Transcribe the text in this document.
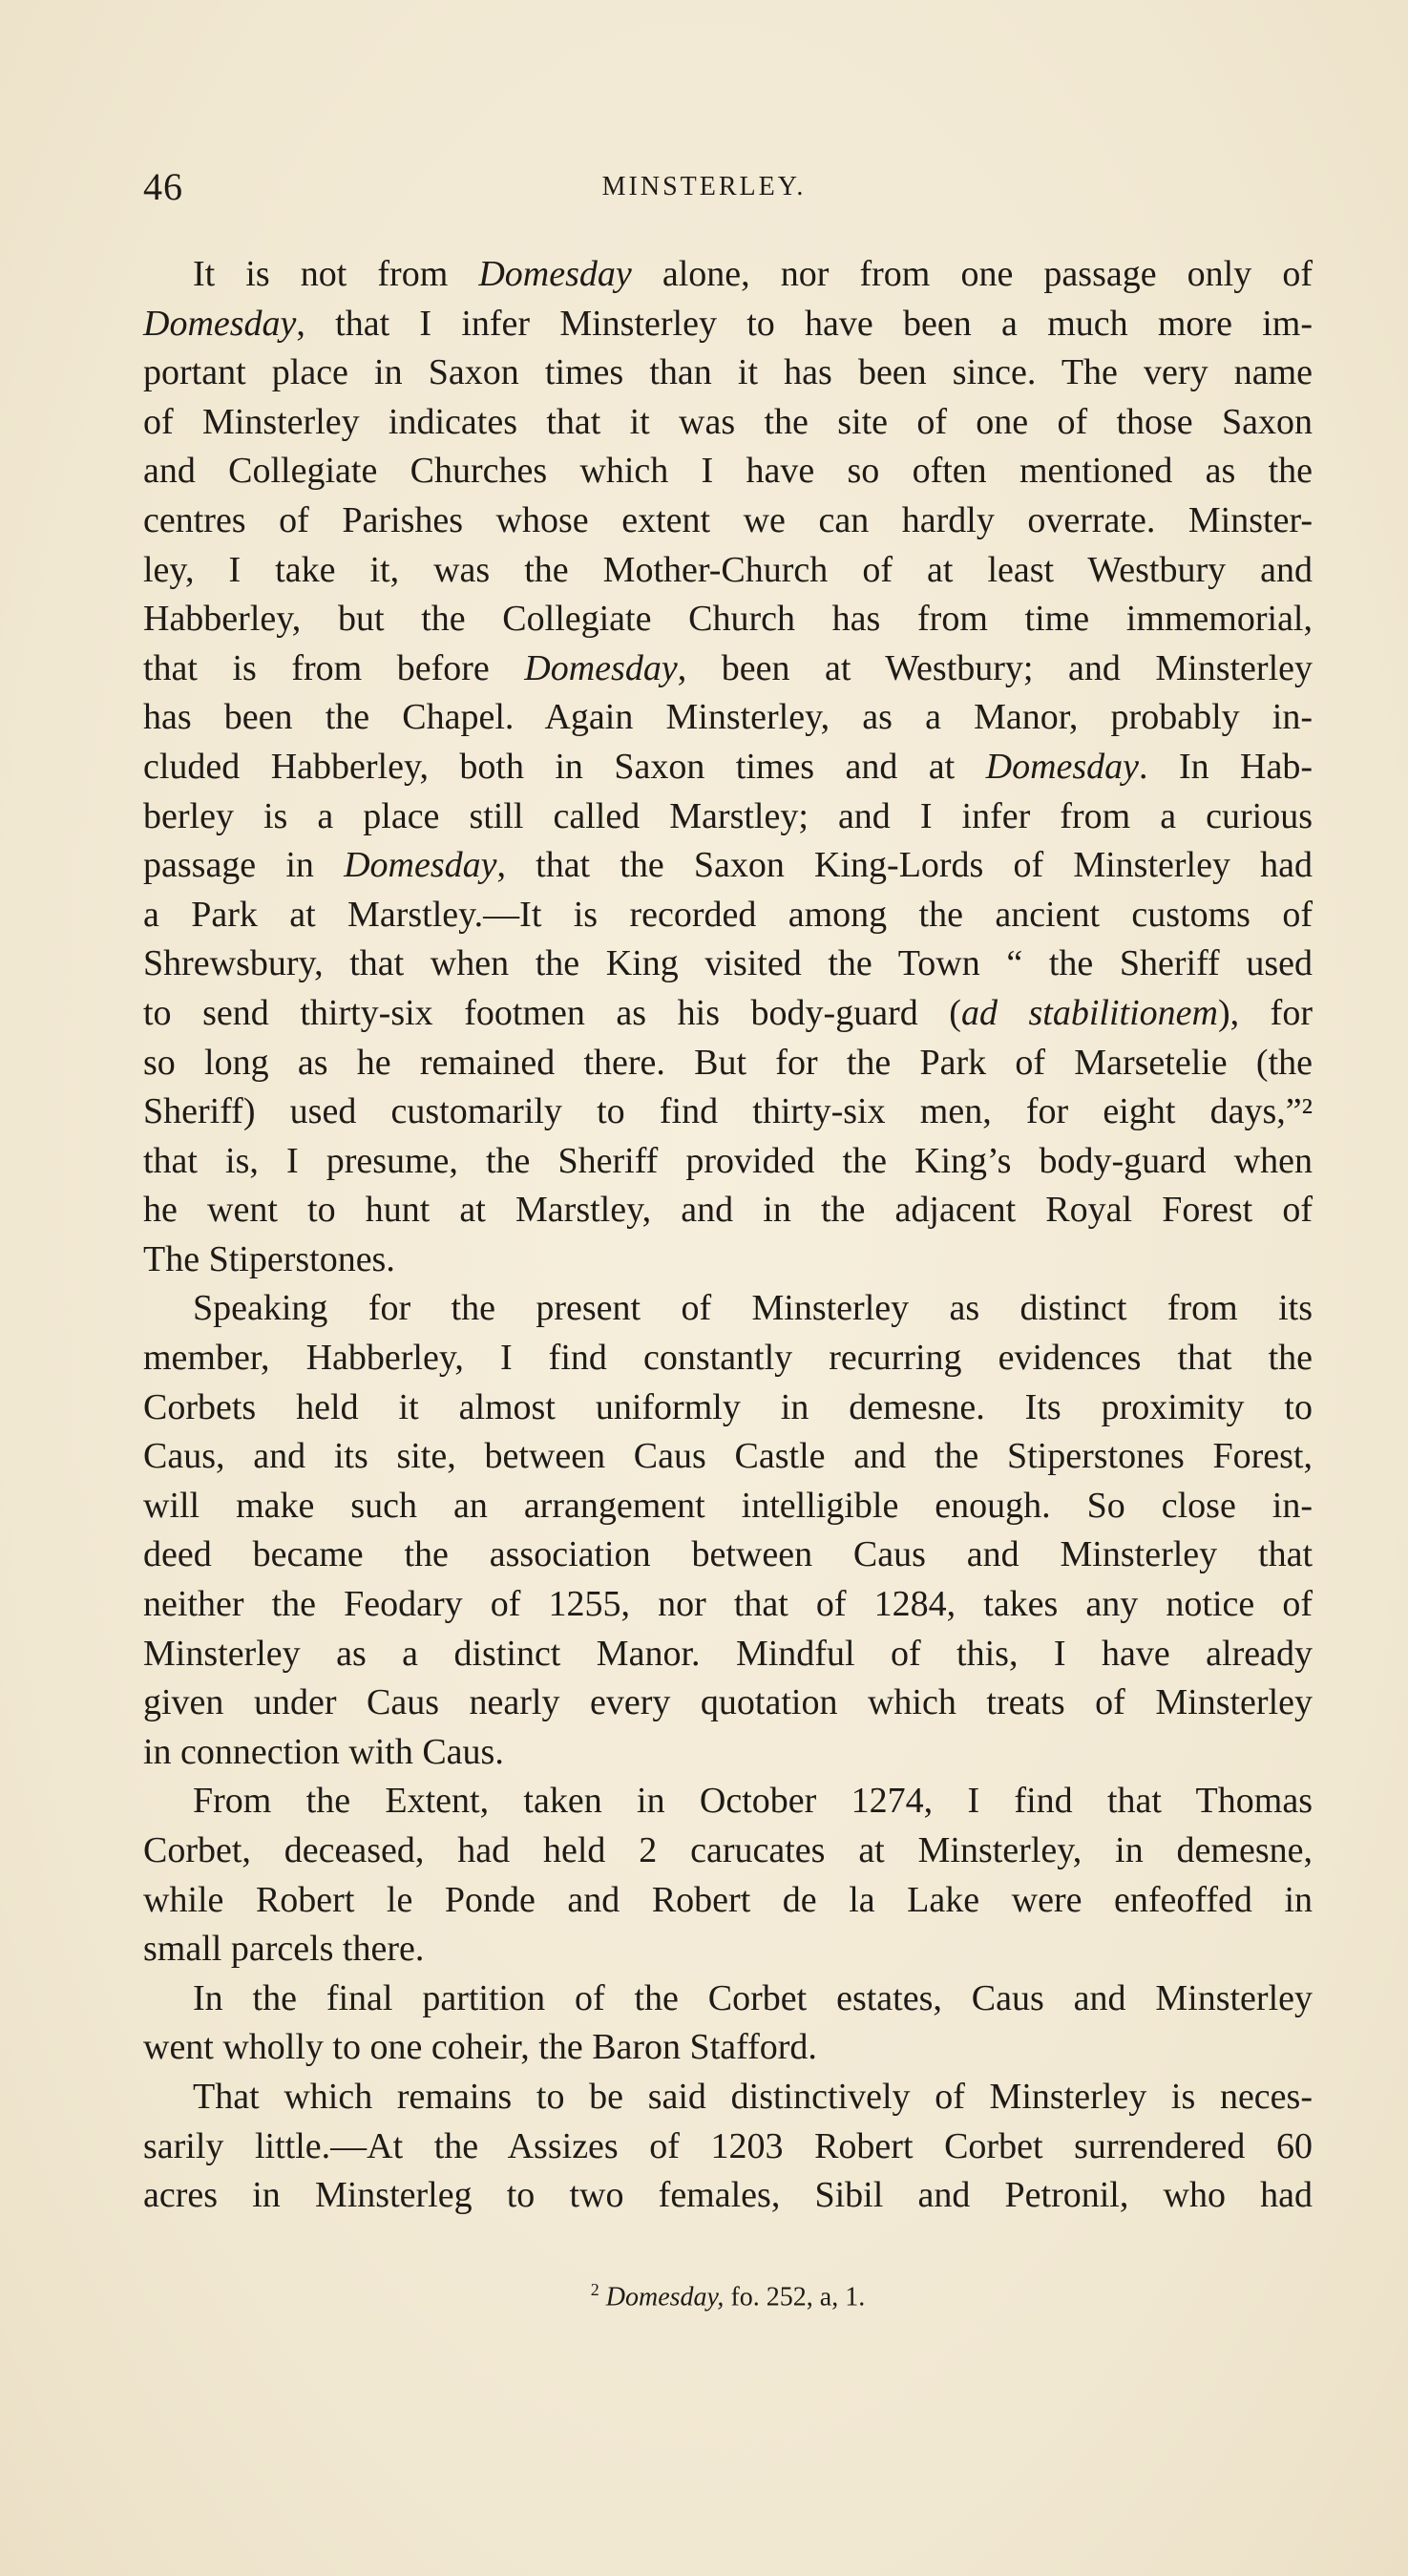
46	MINSTERLEY.
It is not from Domesday alone, nor from one passage only of
Domesday, that I infer Minsterley to have been a much more im-
portant place in Saxon times than it has been since. The very name
of Minsterley indicates that it was the site of one of those Saxon
and Collegiate Churches which I have so often mentioned as the
centres of Parishes whose extent we can hardly overrate. Minster-
ley, I take it, was the Mother-Church of at least Westbury and
Habberley, but the Collegiate Church has from time immemorial,
that is from before Domesday, been at Westbury; and Minsterley
has been the Chapel. Again Minsterley, as a Manor, probably in-
cluded Habberley, both in Saxon times and at Domesday. In Hab-
berley is a place still called Marstley; and I infer from a curious
passage in Domesday, that the Saxon King-Lords of Minsterley had
a Park at Marstley.—It is recorded among the ancient customs of
Shrewsbury, that when the King visited the Town “ the Sheriff used
to send thirty-six footmen as his body-guard (ad stabilitionem), for
so long as he remained there. But for the Park of Marsetelie (the
Sheriff) used customarily to find thirty-six men, for eight days,”²
that is, I presume, the Sheriff provided the King’s body-guard when
he went to hunt at Marstley, and in the adjacent Royal Forest of
The Stiperstones.
Speaking for the present of Minsterley as distinct from its
member, Habberley, I find constantly recurring evidences that the
Corbets held it almost uniformly in demesne. Its proximity to
Caus, and its site, between Caus Castle and the Stiperstones Forest,
will make such an arrangement intelligible enough. So close in-
deed became the association between Caus and Minsterley that
neither the Feodary of 1255, nor that of 1284, takes any notice of
Minsterley as a distinct Manor. Mindful of this, I have already
given under Caus nearly every quotation which treats of Minsterley
in connection with Caus.
From the Extent, taken in October 1274, I find that Thomas
Corbet, deceased, had held 2 carucates at Minsterley, in demesne,
while Robert le Ponde and Robert de la Lake were enfeoffed in
small parcels there.
In the final partition of the Corbet estates, Caus and Minsterley
went wholly to one coheir, the Baron Stafford.
That which remains to be said distinctively of Minsterley is neces-
sarily little.—At the Assizes of 1203 Robert Corbet surrendered 60
acres in Minsterleg to two females, Sibil and Petronil, who had
$^2$ Domesday, fo. 252, a, 1.
